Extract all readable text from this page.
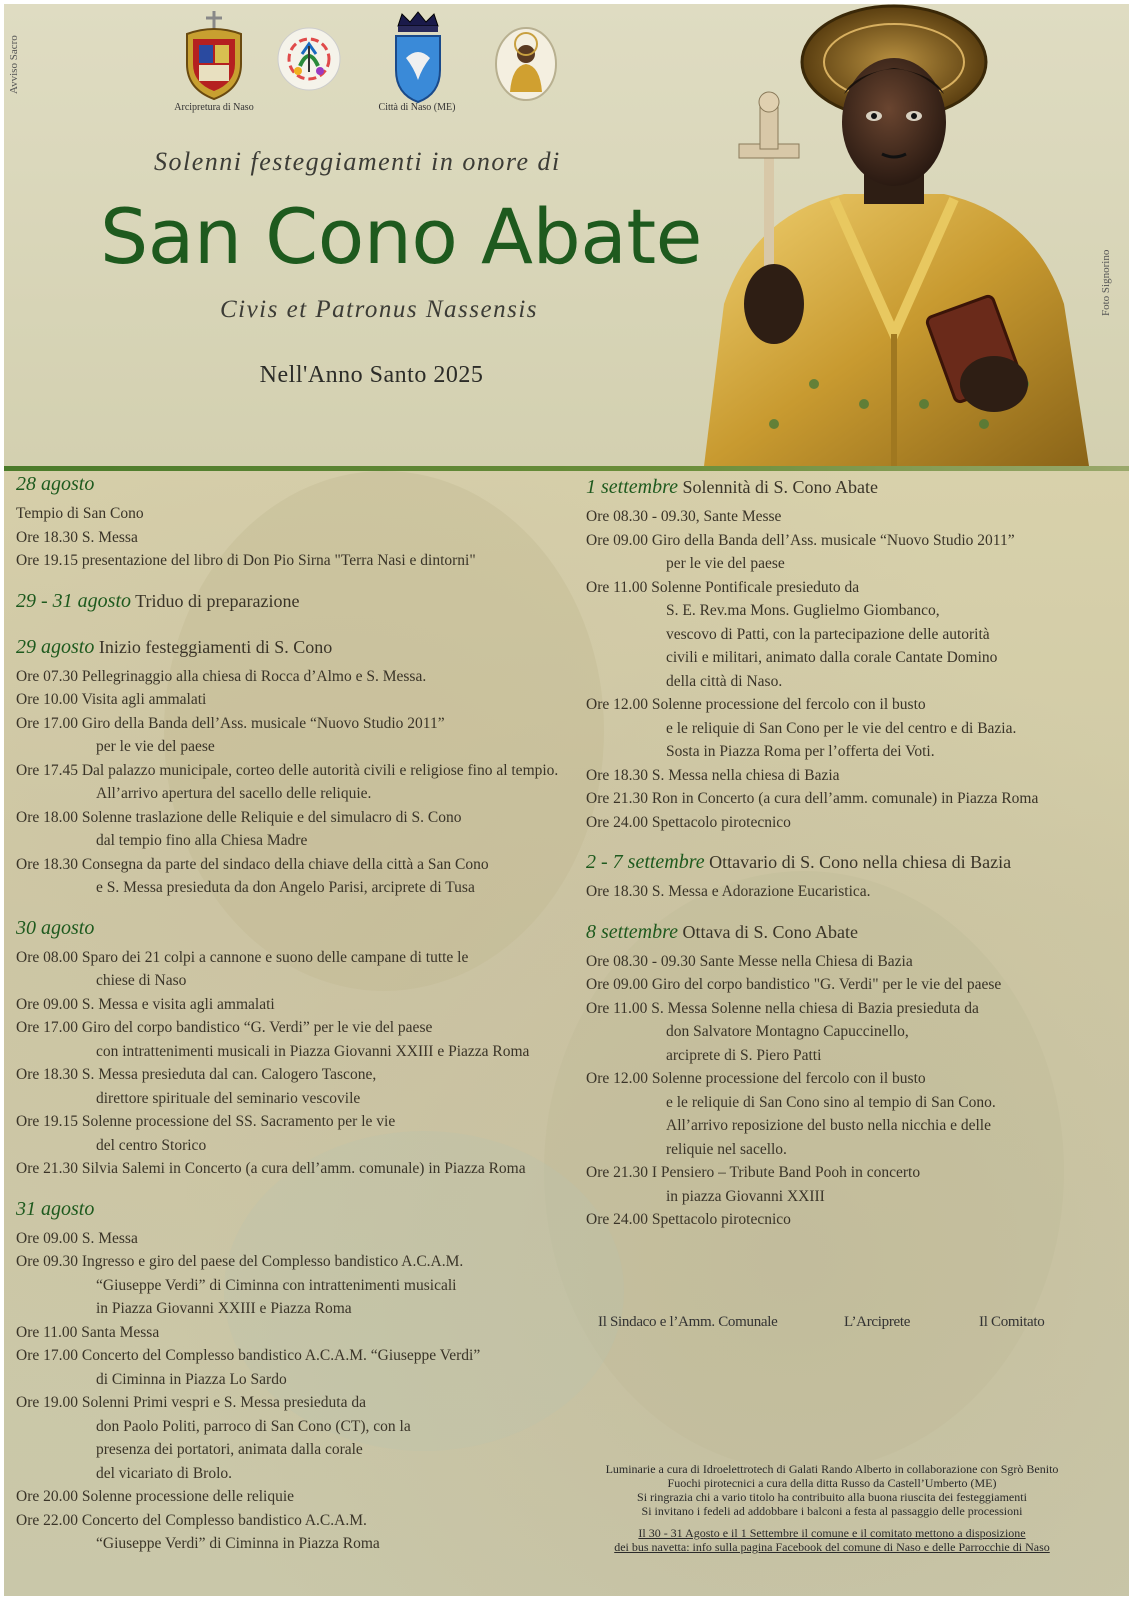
Avviso Sacro
Arcipretura di Naso	Città di Naso (ME)
Solenni festeggiamenti in onore di
San Cono Abate
Civis et Patronus Nassensis
Nell'Anno Santo 2025
Foto Signorino

28 agosto

Tempio di San Cono

Ore 18.30 S. Messa

Ore 19.15 presentazione del libro di Don Pio Sirna "Terra Nasi e dintorni"

29 - 31 agosto Triduo di preparazione

29 agosto Inizio festeggiamenti di S. Cono

Ore 07.30 Pellegrinaggio alla chiesa di Rocca d’Almo e S. Messa.

Ore 10.00 Visita agli ammalati

Ore 17.00 Giro della Banda dell’Ass. musicale “Nuovo Studio 2011”

per le vie del paese

Ore 17.45 Dal palazzo municipale, corteo delle autorità civili e religiose fino al tempio.

All’arrivo apertura del sacello delle reliquie.

Ore 18.00 Solenne traslazione delle Reliquie e del simulacro di S. Cono

dal tempio fino alla Chiesa Madre

Ore 18.30 Consegna da parte del sindaco della chiave della città a San Cono

e S. Messa presieduta da don Angelo Parisi, arciprete di Tusa

30 agosto

Ore 08.00 Sparo dei 21 colpi a cannone e suono delle campane di tutte le

chiese di Naso

Ore 09.00 S. Messa e visita agli ammalati

Ore 17.00 Giro del corpo bandistico “G. Verdi” per le vie del paese

con intrattenimenti musicali in Piazza Giovanni XXIII e Piazza Roma

Ore 18.30 S. Messa presieduta dal can. Calogero Tascone,

direttore spirituale del seminario vescovile

Ore 19.15 Solenne processione del SS. Sacramento per le vie

del centro Storico

Ore 21.30 Silvia Salemi in Concerto (a cura dell’amm. comunale) in Piazza Roma

31 agosto

Ore 09.00 S. Messa

Ore 09.30 Ingresso e giro del paese del Complesso bandistico A.C.A.M.

“Giuseppe Verdi” di Ciminna con intrattenimenti musicali

in Piazza Giovanni XXIII e Piazza Roma

Ore 11.00 Santa Messa

Ore 17.00 Concerto del Complesso bandistico A.C.A.M. “Giuseppe Verdi”

di Ciminna in Piazza Lo Sardo

Ore 19.00 Solenni Primi vespri e S. Messa presieduta da

don Paolo Politi, parroco di San Cono (CT), con la

presenza dei portatori, animata dalla corale

del vicariato di Brolo.

Ore 20.00 Solenne processione delle reliquie

Ore 22.00 Concerto del Complesso bandistico A.C.A.M.

“Giuseppe Verdi” di Ciminna in Piazza Roma

1 settembre Solennità di S. Cono Abate

Ore 08.30 - 09.30, Sante Messe

Ore 09.00 Giro della Banda dell’Ass. musicale “Nuovo Studio 2011”

per le vie del paese

Ore 11.00 Solenne Pontificale presieduto da

S. E. Rev.ma Mons. Guglielmo Giombanco,

vescovo di Patti, con la partecipazione delle autorità

civili e militari, animato dalla corale Cantate Domino

della città di Naso.

Ore 12.00 Solenne processione del fercolo con il busto

e le reliquie di San Cono per le vie del centro e di Bazia.

Sosta in Piazza Roma per l’offerta dei Voti.

Ore 18.30 S. Messa nella chiesa di Bazia

Ore 21.30 Ron in Concerto (a cura dell’amm. comunale) in Piazza Roma

Ore 24.00 Spettacolo pirotecnico

2 - 7 settembre Ottavario di S. Cono nella chiesa di Bazia

Ore 18.30 S. Messa e Adorazione Eucaristica.

8 settembre Ottava di S. Cono Abate

Ore 08.30 - 09.30 Sante Messe nella Chiesa di Bazia

Ore 09.00 Giro del corpo bandistico "G. Verdi" per le vie del paese

Ore 11.00 S. Messa Solenne nella chiesa di Bazia presieduta da

don Salvatore Montagno Capuccinello,

arciprete di S. Piero Patti

Ore 12.00 Solenne processione del fercolo con il busto

e le reliquie di San Cono sino al tempio di San Cono.

All’arrivo reposizione del busto nella nicchia e delle

reliquie nel sacello.

Ore 21.30 I Pensiero – Tribute Band Pooh in concerto

in piazza Giovanni XXIII

Ore 24.00 Spettacolo pirotecnico

Il Sindaco e l’Amm. Comunale	L’Arciprete	Il Comitato
Luminarie a cura di Idroelettrotech di Galati Rando Alberto in collaborazione con Sgrò Benito
Fuochi pirotecnici a cura della ditta Russo da Castell’Umberto (ME)
Si ringrazia chi a vario titolo ha contribuito alla buona riuscita dei festeggiamenti
Si invitano i fedeli ad addobbare i balconi a festa al passaggio delle processioni
Il 30 - 31 Agosto e il 1 Settembre il comune e il comitato mettono a disposizione
dei bus navetta: info sulla pagina Facebook del comune di Naso e delle Parrocchie di Naso
